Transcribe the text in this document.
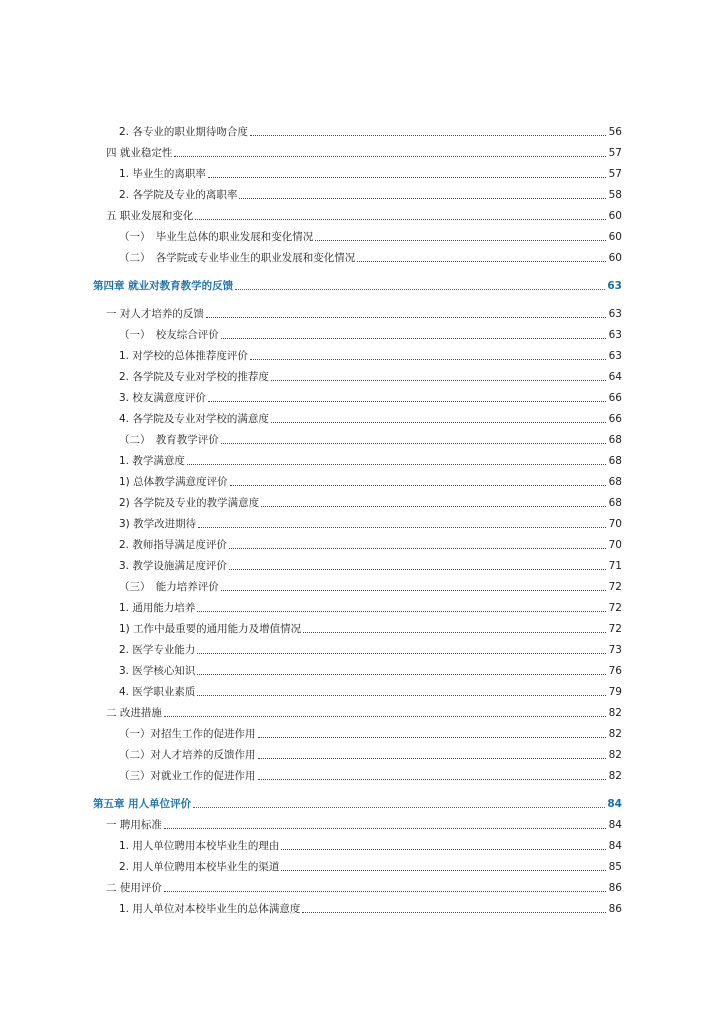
2. 各专业的职业期待吻合度	56
四 就业稳定性	57
1. 毕业生的离职率	57
2. 各学院及专业的离职率	58
五 职业发展和变化	60
（一）　毕业生总体的职业发展和变化情况	60
（二）　各学院或专业毕业生的职业发展和变化情况	60
第四章 就业对教育教学的反馈	63
一 对人才培养的反馈	63
（一）　校友综合评价	63
1. 对学校的总体推荐度评价	63
2. 各学院及专业对学校的推荐度	64
3. 校友满意度评价	66
4. 各学院及专业对学校的满意度	66
（二）　教育教学评价	68
1. 教学满意度	68
1) 总体教学满意度评价	68
2) 各学院及专业的教学满意度	68
3) 教学改进期待	70
2. 教师指导满足度评价	70
3. 教学设施满足度评价	71
（三）　能力培养评价	72
1. 通用能力培养	72
1) 工作中最重要的通用能力及增值情况	72
2. 医学专业能力	73
3. 医学核心知识	76
4. 医学职业素质	79
二 改进措施	82
（一）对招生工作的促进作用	82
（二）对人才培养的反馈作用	82
（三）对就业工作的促进作用	82
第五章 用人单位评价	84
一 聘用标准	84
1. 用人单位聘用本校毕业生的理由	84
2. 用人单位聘用本校毕业生的渠道	85
二 使用评价	86
1. 用人单位对本校毕业生的总体满意度	86
